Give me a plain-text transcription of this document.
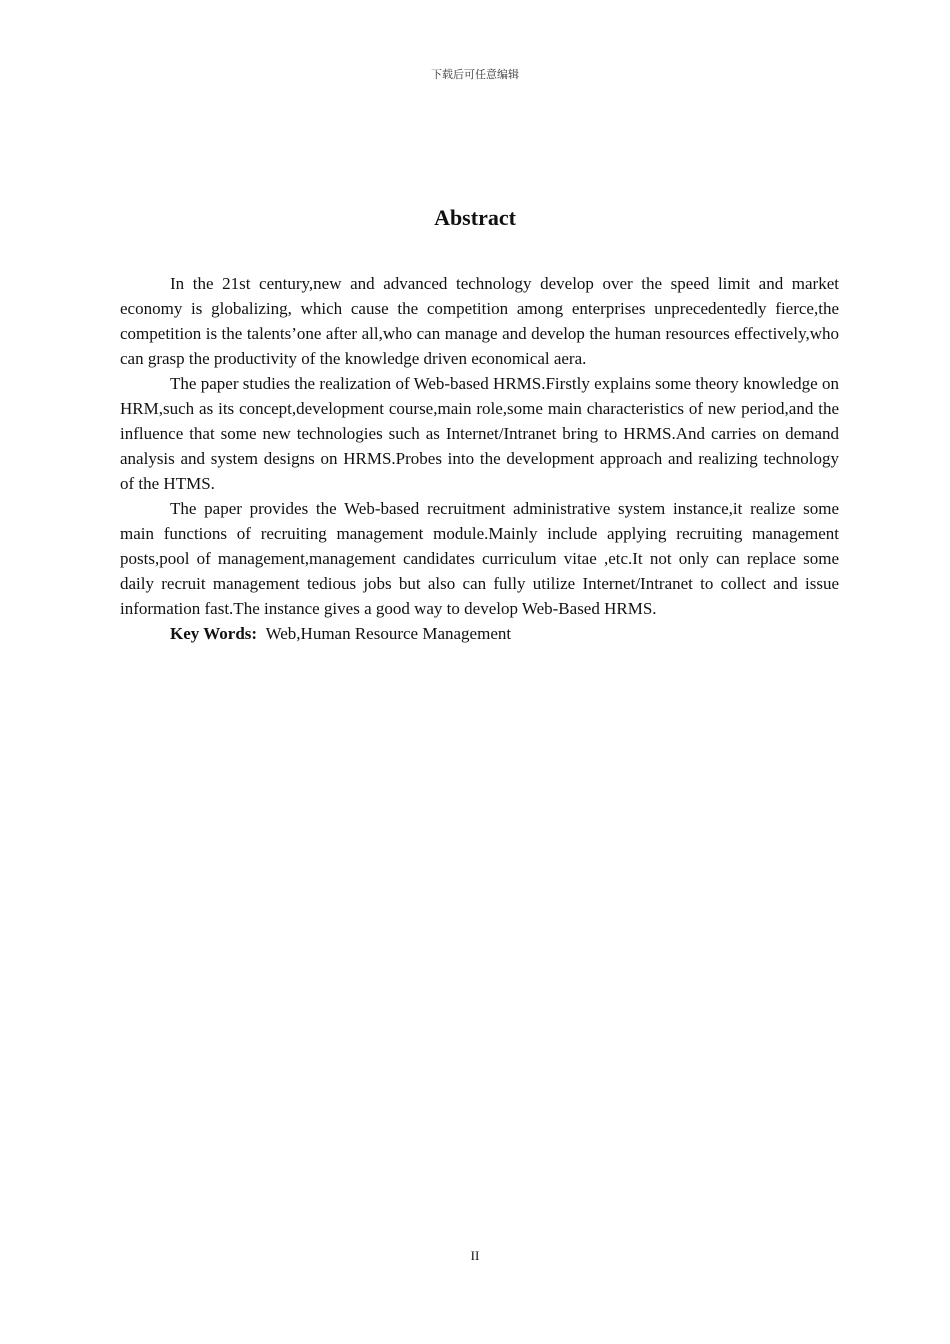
下载后可任意编辑
Abstract

In the 21st century,new and advanced technology develop over the speed limit and market economy is globalizing, which cause the competition among enterprises unprecedentedly fierce,the competition is the talents’one after all,who can manage and develop the human resources effectively,who can grasp the productivity of the knowledge driven economical aera.

The paper studies the realization of Web-based HRMS.Firstly explains some theory knowledge on HRM,such as its concept,development course,main role,some main characteristics of new period,and the influence that some new technologies such as Internet/Intranet bring to HRMS.And carries on demand analysis and system designs on HRMS.Probes into the development approach and realizing technology of the HTMS.

The paper provides the Web-based recruitment administrative system instance,it realize some main functions of recruiting management module.Mainly include applying recruiting management posts,pool of management,management candidates curriculum vitae ,etc.It not only can replace some daily recruit management tedious jobs but also can fully utilize Internet/Intranet to collect and issue information fast.The instance gives a good way to develop Web-Based HRMS.

Key Words: Web,Human Resource Management

II
